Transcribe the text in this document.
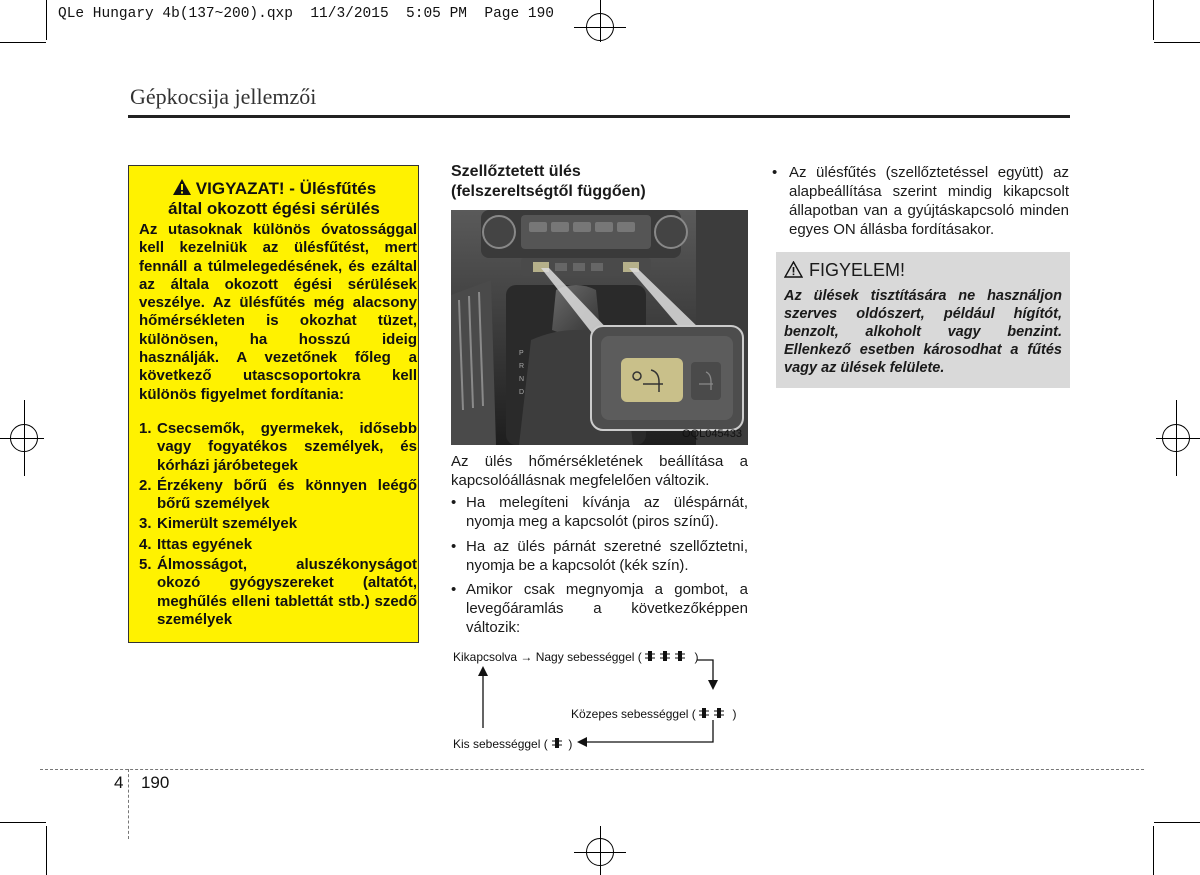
QLe Hungary 4b(137~200).qxp  11/3/2015  5:05 PM  Page 190
Gépkocsija jellemzői
VIGYAZAT! - Ülésfűtés
által okozott égési sérülés
Az utasoknak különös óvatossággal kell kezelniük az ülésfűtést, mert fennáll a túlmelegedésének, és ezáltal az általa okozott égési sérülések veszélye. Az ülésfűtés még alacsony hőmérsékleten is okozhat tüzet, különösen, ha hosszú ideig használják. A vezetőnek főleg a következő utascsoportokra kell különös figyelmet fordítania:
1. Csecsemők, gyermekek, idősebb vagy fogyatékos személyek, és kórházi járóbetegek
2. Érzékeny bőrű és könnyen leégő bőrű személyek
3. Kimerült személyek
4. Ittas egyének
5. Álmosságot, aluszékonyságot okozó gyógyszereket (altatót, meghűlés elleni tablettát stb.) szedő személyek
Szellőztetett ülés
(felszereltségtől függően)
P
R
N
D
OQL045433
Az ülés hőmérsékletének beállítása a kapcsolóállásnak megfelelően változik.
• Ha melegíteni kívánja az üléspárnát, nyomja meg a kapcsolót (piros színű).
• Ha az ülés párnát szeretné szellőztetni, nyomja be a kapcsolót (kék szín).
• Amikor csak megnyomja a gombot, a levegőáramlás a következőképpen változik:
Kikapcsolva → Nagy sebességgel (	)
Közepes sebességgel (	)
Kis sebességgel ( )
• Az ülésfűtés (szellőztetéssel együtt) az alapbeállítása szerint mindig kikapcsolt állapotban van a gyújtáskapcsoló minden egyes ON állásba fordításakor.
FIGYELEM!
Az ülések tisztítására ne használjon szerves oldószert, például hígítót, benzolt, alkoholt vagy benzint. Ellenkező esetben károsodhat a fűtés vagy az ülések felülete.
4 190
